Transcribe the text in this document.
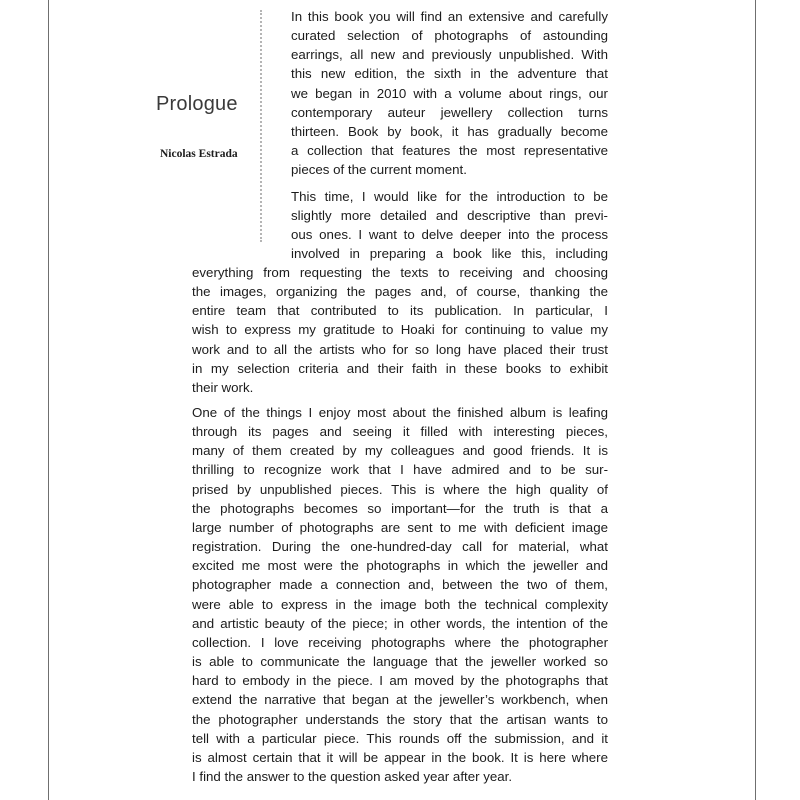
Prologue
Nicolas Estrada
In this book you will find an extensive and carefully
curated selection of photographs of astounding
earrings, all new and previously unpublished. With
this new edition, the sixth in the adventure that
we began in 2010 with a volume about rings, our
contemporary auteur jewellery collection turns
thirteen. Book by book, it has gradually become
a collection that features the most representative
pieces of the current moment.
This time, I would like for the introduction to be
slightly more detailed and descriptive than previ-
ous ones. I want to delve deeper into the process
involved in preparing a book like this, including
everything from requesting the texts to receiving and choosing
the images, organizing the pages and, of course, thanking the
entire team that contributed to its publication. In particular, I
wish to express my gratitude to Hoaki for continuing to value my
work and to all the artists who for so long have placed their trust
in my selection criteria and their faith in these books to exhibit
their work.
One of the things I enjoy most about the finished album is leafing
through its pages and seeing it filled with interesting pieces,
many of them created by my colleagues and good friends. It is
thrilling to recognize work that I have admired and to be sur-
prised by unpublished pieces. This is where the high quality of
the photographs becomes so important—for the truth is that a
large number of photographs are sent to me with deficient image
registration. During the one-hundred-day call for material, what
excited me most were the photographs in which the jeweller and
photographer made a connection and, between the two of them,
were able to express in the image both the technical complexity
and artistic beauty of the piece; in other words, the intention of the
collection. I love receiving photographs where the photographer
is able to communicate the language that the jeweller worked so
hard to embody in the piece. I am moved by the photographs that
extend the narrative that began at the jeweller’s workbench, when
the photographer understands the story that the artisan wants to
tell with a particular piece. This rounds off the submission, and it
is almost certain that it will be appear in the book. It is here where
I find the answer to the question asked year after year.
